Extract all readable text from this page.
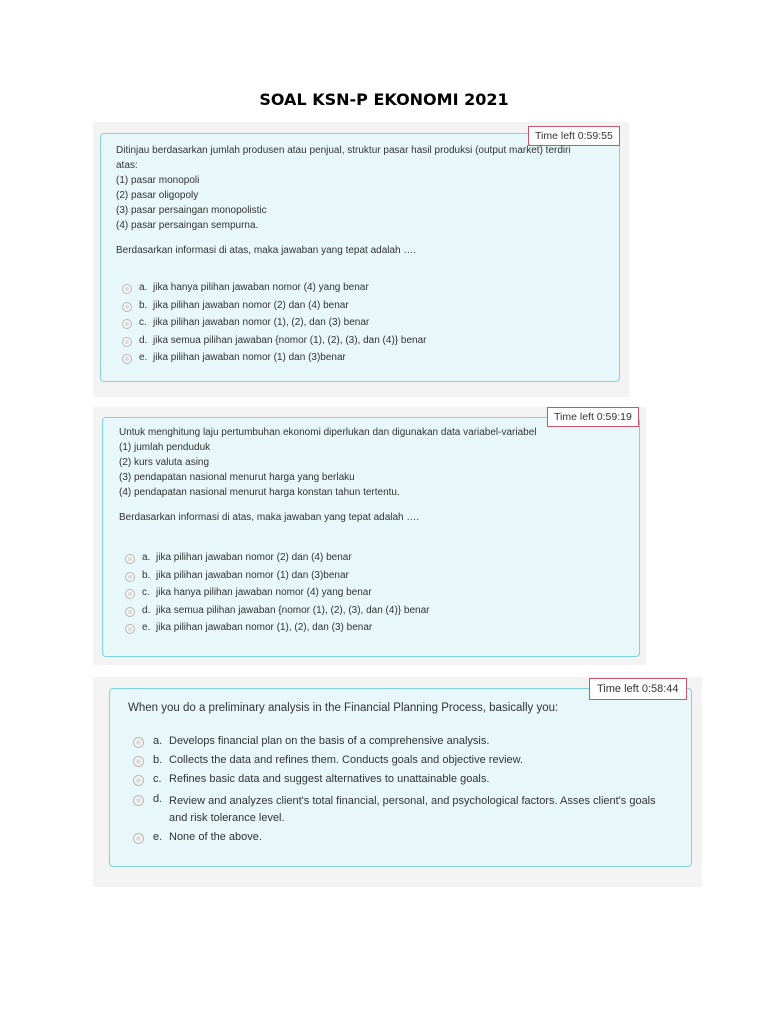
SOAL KSN-P EKONOMI 2021
Time left 0:59:55
Ditinjau berdasarkan jumlah produsen atau penjual, struktur pasar hasil produksi (output market) terdiri
atas:
(1) pasar monopoli
(2) pasar oligopoly
(3) pasar persaingan monopolistic
(4) pasar persaingan sempurna.
Berdasarkan informasi di atas, maka jawaban yang tepat adalah ….
a. jika hanya pilihan jawaban nomor (4) yang benar
b. jika pilihan jawaban nomor (2) dan (4) benar
c. jika pilihan jawaban nomor (1), (2), dan (3) benar
d. jika semua pilihan jawaban {nomor (1), (2), (3), dan (4)} benar
e. jika pilihan jawaban nomor (1) dan (3)benar
Time left 0:59:19
Untuk menghitung laju pertumbuhan ekonomi diperlukan dan digunakan data variabel-variabel
(1) jumlah penduduk
(2) kurs valuta asing
(3) pendapatan nasional menurut harga yang berlaku
(4) pendapatan nasional menurut harga konstan tahun tertentu.
Berdasarkan informasi di atas, maka jawaban yang tepat adalah ….
a. jika pilihan jawaban nomor (2) dan (4) benar
b. jika pilihan jawaban nomor (1) dan (3)benar
c. jika hanya pilihan jawaban nomor (4) yang benar
d. jika semua pilihan jawaban {nomor (1), (2), (3), dan (4)} benar
e. jika pilihan jawaban nomor (1), (2), dan (3) benar
Time left 0:58:44
When you do a preliminary analysis in the Financial Planning Process, basically you:
a. Develops financial plan on the basis of a comprehensive analysis.
b. Collects the data and refines them. Conducts goals and objective review.
c. Refines basic data and suggest alternatives to unattainable goals.
d. Review and analyzes client's total financial, personal, and psychological factors. Asses client's goals and risk tolerance level.
e. None of the above.
